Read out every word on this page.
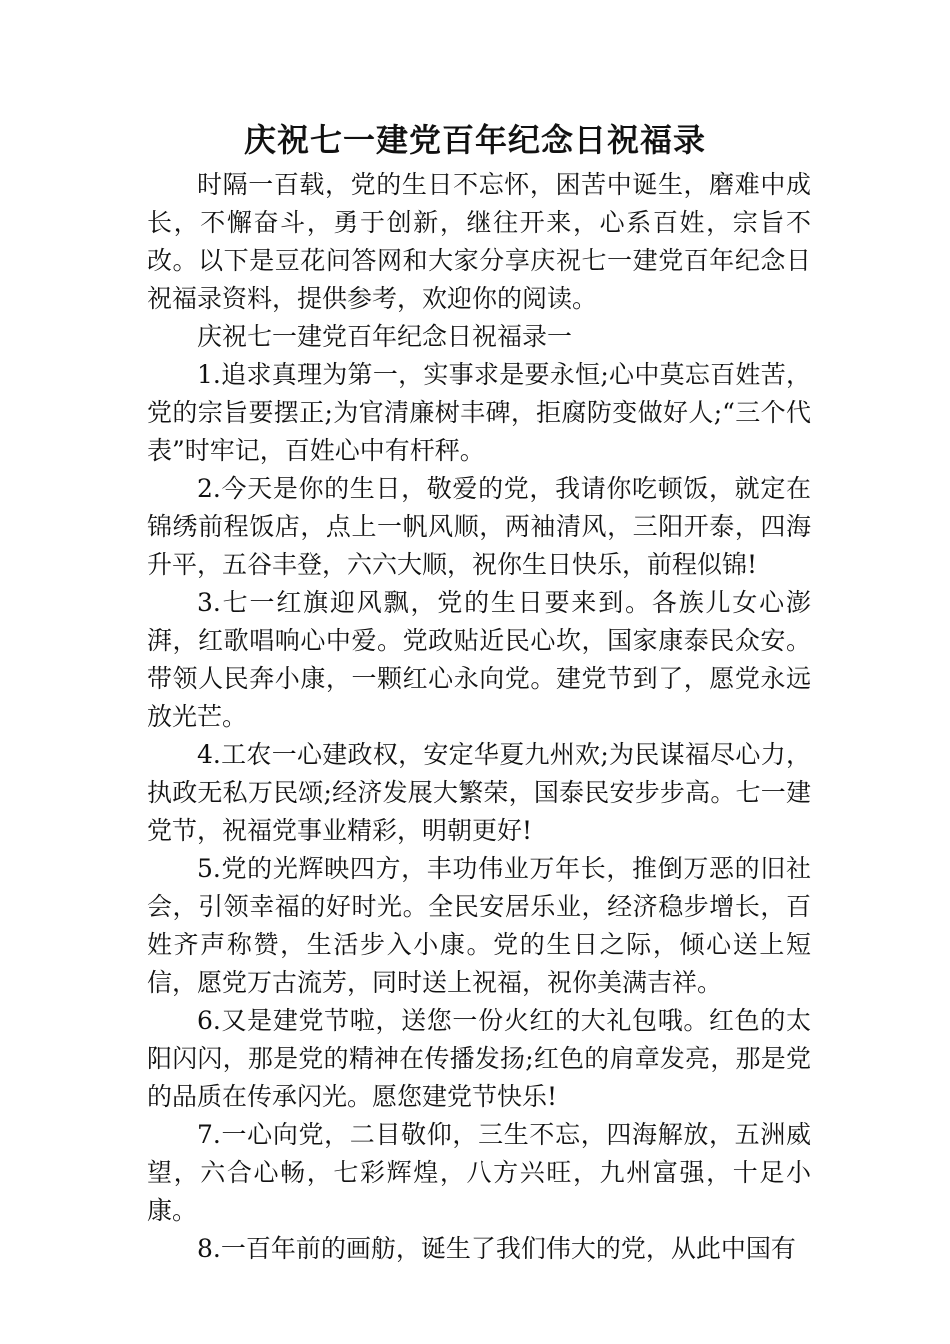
庆祝七一建党百年纪念日祝福录

时隔一百载，党的生日不忘怀，困苦中诞生，磨难中成长，不懈奋斗，勇于创新，继往开来，心系百姓，宗旨不改。以下是豆花问答网和大家分享庆祝七一建党百年纪念日祝福录资料，提供参考，欢迎你的阅读。

庆祝七一建党百年纪念日祝福录一

1.追求真理为第一，实事求是要永恒;心中莫忘百姓苦，党的宗旨要摆正;为官清廉树丰碑，拒腐防变做好人;“三个代表”时牢记，百姓心中有杆秤。

2.今天是你的生日，敬爱的党，我请你吃顿饭，就定在锦绣前程饭店，点上一帆风顺，两袖清风，三阳开泰，四海升平，五谷丰登，六六大顺，祝你生日快乐，前程似锦!

3.七一红旗迎风飘，党的生日要来到。各族儿女心澎湃，红歌唱响心中爱。党政贴近民心坎，国家康泰民众安。带领人民奔小康，一颗红心永向党。建党节到了，愿党永远放光芒。

4.工农一心建政权，安定华夏九州欢;为民谋福尽心力，执政无私万民颂;经济发展大繁荣，国泰民安步步高。七一建党节，祝福党事业精彩，明朝更好!

5.党的光辉映四方，丰功伟业万年长，推倒万恶的旧社会，引领幸福的好时光。全民安居乐业，经济稳步增长，百姓齐声称赞，生活步入小康。党的生日之际，倾心送上短信，愿党万古流芳，同时送上祝福，祝你美满吉祥。

6.又是建党节啦，送您一份火红的大礼包哦。红色的太阳闪闪，那是党的精神在传播发扬;红色的肩章发亮，那是党的品质在传承闪光。愿您建党节快乐!

7.一心向党，二目敬仰，三生不忘，四海解放，五洲威望，六合心畅，七彩辉煌，八方兴旺，九州富强，十足小康。

8.一百年前的画舫，诞生了我们伟大的党，从此中国有
